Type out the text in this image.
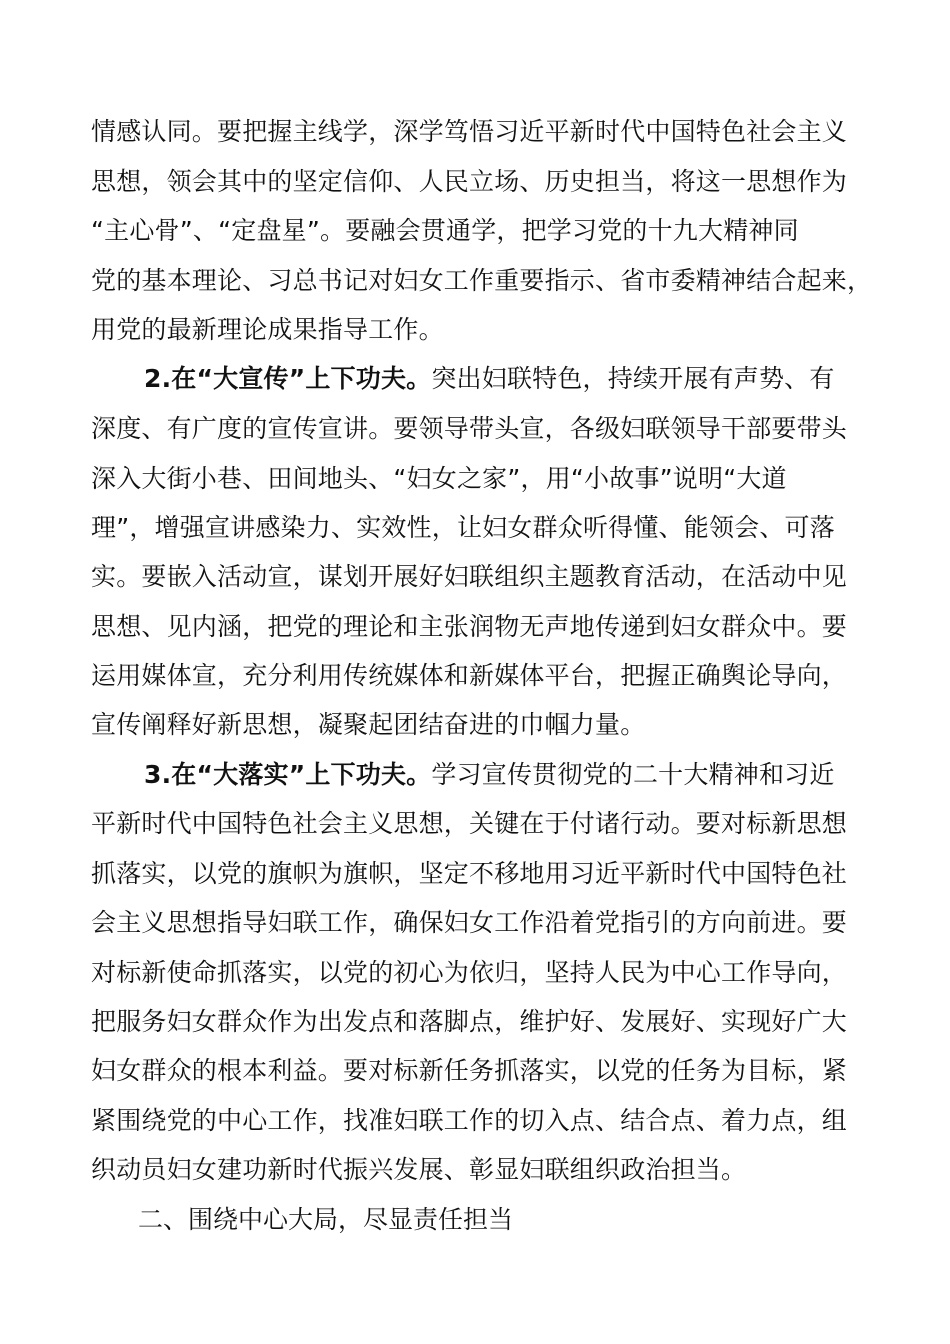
情感认同。要把握主线学，深学笃悟习近平新时代中国特色社会主义
思想，领会其中的坚定信仰、人民立场、历史担当，将这一思想作为
“主心骨”、“定盘星”。要融会贯通学，把学习党的十九大精神同
党的基本理论、习总书记对妇女工作重要指示、省市委精神结合起来，
用党的最新理论成果指导工作。
2.在“大宣传”上下功夫。突出妇联特色，持续开展有声势、有
深度、有广度的宣传宣讲。要领导带头宣，各级妇联领导干部要带头
深入大街小巷、田间地头、“妇女之家”，用“小故事”说明“大道
理”，增强宣讲感染力、实效性，让妇女群众听得懂、能领会、可落
实。要嵌入活动宣，谋划开展好妇联组织主题教育活动，在活动中见
思想、见内涵，把党的理论和主张润物无声地传递到妇女群众中。要
运用媒体宣，充分利用传统媒体和新媒体平台，把握正确舆论导向，
宣传阐释好新思想，凝聚起团结奋进的巾帼力量。
3.在“大落实”上下功夫。学习宣传贯彻党的二十大精神和习近
平新时代中国特色社会主义思想，关键在于付诸行动。要对标新思想
抓落实，以党的旗帜为旗帜，坚定不移地用习近平新时代中国特色社
会主义思想指导妇联工作，确保妇女工作沿着党指引的方向前进。要
对标新使命抓落实，以党的初心为依归，坚持人民为中心工作导向，
把服务妇女群众作为出发点和落脚点，维护好、发展好、实现好广大
妇女群众的根本利益。要对标新任务抓落实，以党的任务为目标，紧
紧围绕党的中心工作，找准妇联工作的切入点、结合点、着力点，组
织动员妇女建功新时代振兴发展、彰显妇联组织政治担当。
二、围绕中心大局，尽显责任担当
